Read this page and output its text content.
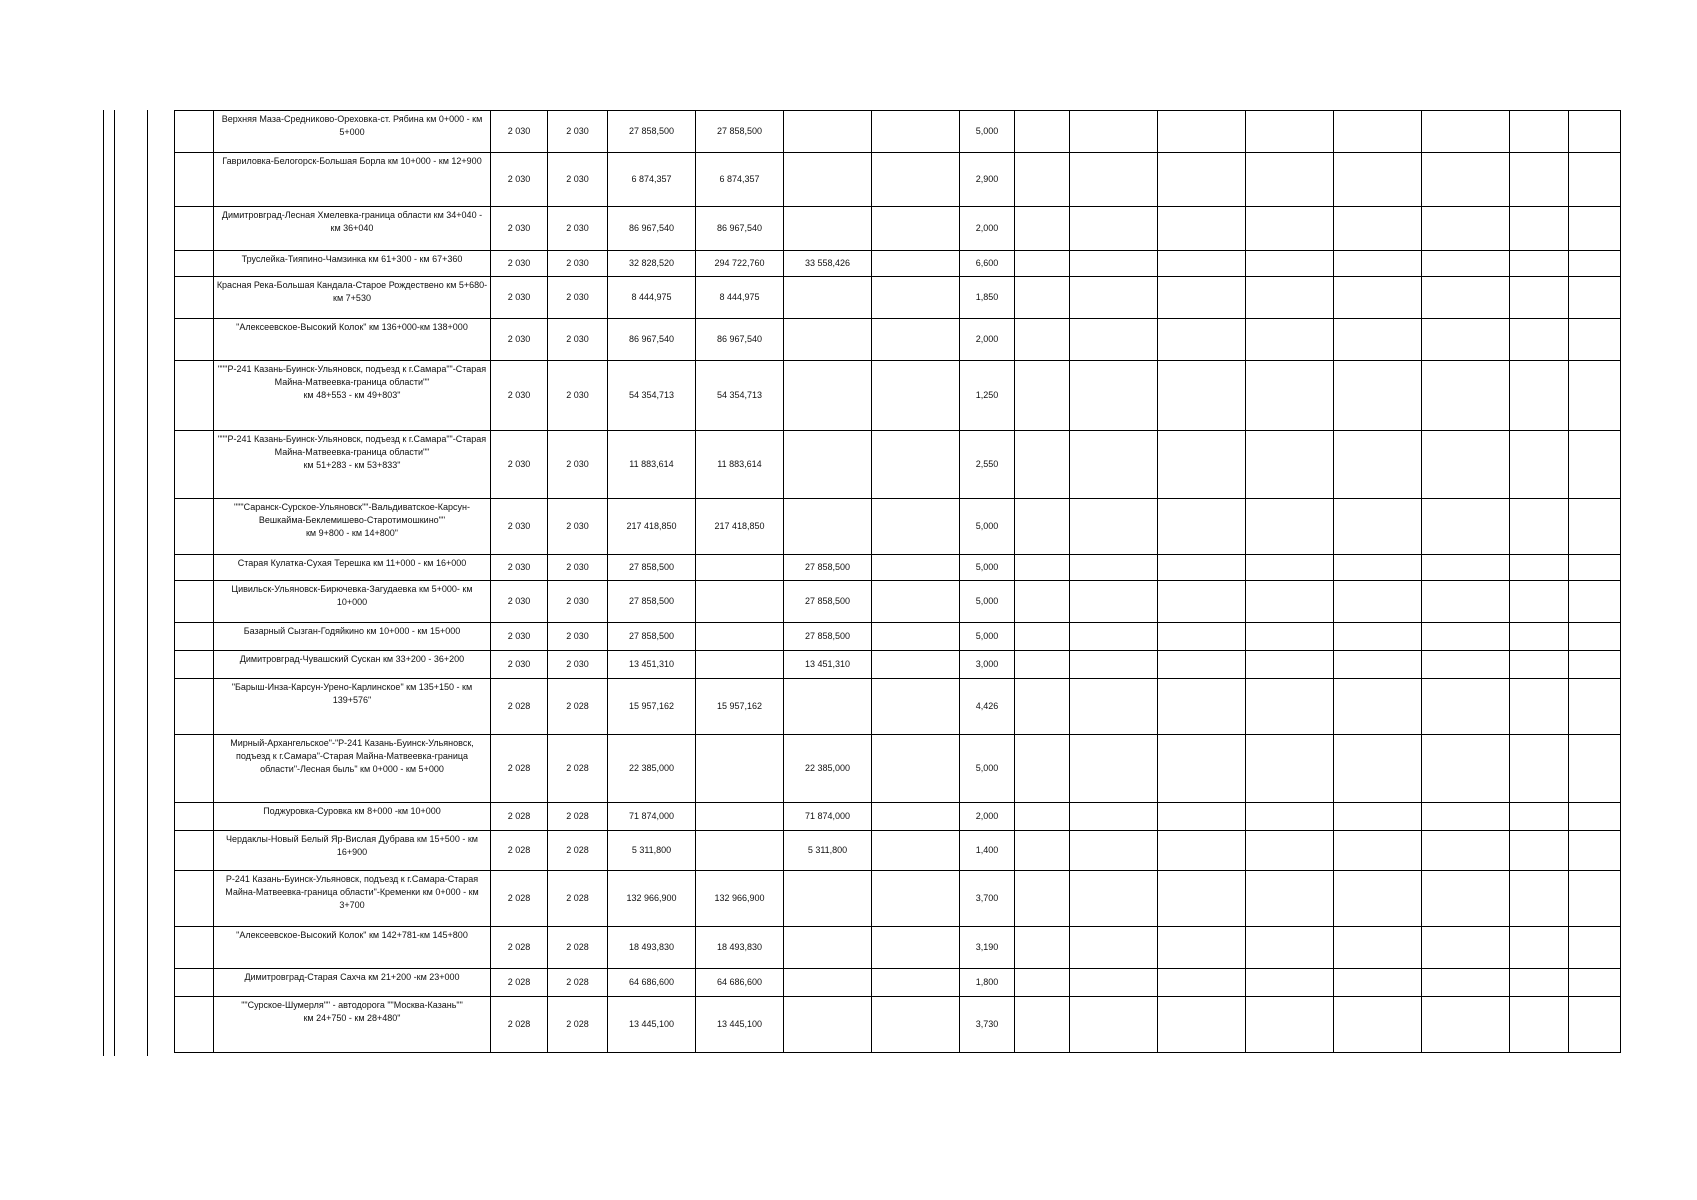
	Верхняя Маза-Средниково-Ореховка-ст. Рябина км 0+000 - км 5+000	2 030	2 030	27 858,500	27 858,500			5,000								
	Гавриловка-Белогорск-Большая Борла км 10+000 - км 12+900	2 030	2 030	6 874,357	6 874,357			2,900								
	Димитровград-Лесная Хмелевка-граница области км 34+040 - км 36+040	2 030	2 030	86 967,540	86 967,540			2,000								
	Труслейка-Тияпино-Чамзинка км 61+300 - км 67+360	2 030	2 030	32 828,520	294 722,760	33 558,426		6,600								
	Красная Река-Большая Кандала-Старое Рождествено км 5+680- км 7+530	2 030	2 030	8 444,975	8 444,975			1,850								
	"Алексеевское-Высокий Колок" км 136+000-км 138+000	2 030	2 030	86 967,540	86 967,540			2,000								
	"""Р-241 Казань-Буинск-Ульяновск, подъезд к г.Самара""-Старая Майна-Матвеевка-граница области""
км 48+553 - км 49+803"	2 030	2 030	54 354,713	54 354,713			1,250								
	"""Р-241 Казань-Буинск-Ульяновск, подъезд к г.Самара""-Старая Майна-Матвеевка-граница области""
км 51+283 - км 53+833"	2 030	2 030	11 883,614	11 883,614			2,550								
	"""Саранск-Сурское-Ульяновск""-Вальдиватское-Карсун-Вешкайма-Беклемишево-Старотимошкино""
км 9+800 - км 14+800"	2 030	2 030	217 418,850	217 418,850			5,000								
	Старая Кулатка-Сухая Терешка км 11+000 - км 16+000	2 030	2 030	27 858,500		27 858,500		5,000								
	Цивильск-Ульяновск-Бирючевка-Загудаевка км 5+000- км 10+000	2 030	2 030	27 858,500		27 858,500		5,000								
	Базарный Сызган-Годяйкино км 10+000 - км 15+000	2 030	2 030	27 858,500		27 858,500		5,000								
	Димитровград-Чувашский Сускан км 33+200 - 36+200	2 030	2 030	13 451,310		13 451,310		3,000								
	"Барыш-Инза-Карсун-Урено-Карлинское" км 135+150 - км 139+576"	2 028	2 028	15 957,162	15 957,162			4,426								
	Мирный-Архангельское"-"Р-241 Казань-Буинск-Ульяновск, подъезд к г.Самара"-Старая Майна-Матвеевка-граница области"-Лесная быль" км 0+000 - км 5+000	2 028	2 028	22 385,000		22 385,000		5,000								
	Поджуровка-Суровка км 8+000 -км 10+000	2 028	2 028	71 874,000		71 874,000		2,000								
	Чердаклы-Новый Белый Яр-Вислая Дубрава км 15+500 - км 16+900	2 028	2 028	5 311,800		5 311,800		1,400								
	Р-241 Казань-Буинск-Ульяновск, подъезд к г.Самара-Старая Майна-Матвеевка-граница области"-Кременки км 0+000 - км 3+700	2 028	2 028	132 966,900	132 966,900			3,700								
	"Алексеевское-Высокий Колок" км 142+781-км 145+800	2 028	2 028	18 493,830	18 493,830			3,190								
	Димитровград-Старая Сахча км 21+200 -км 23+000	2 028	2 028	64 686,600	64 686,600			1,800								
	""Сурское-Шумерля"" - автодорога ""Москва-Казань""
км 24+750 - км 28+480"	2 028	2 028	13 445,100	13 445,100			3,730								
